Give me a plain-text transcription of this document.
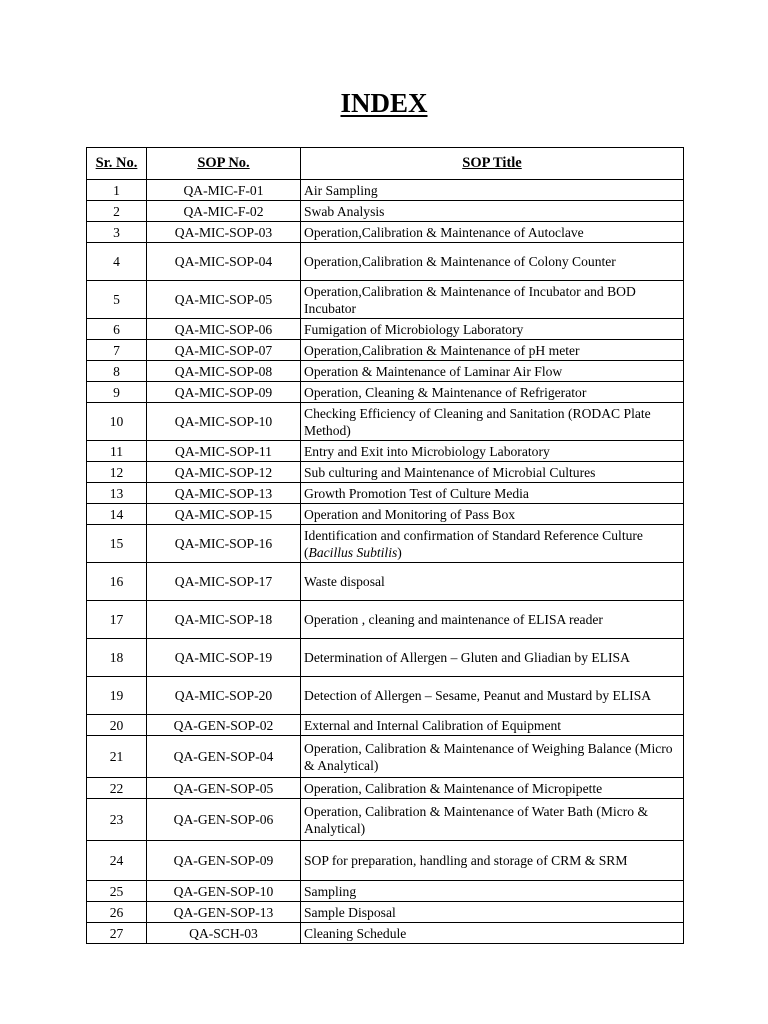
INDEX
Sr. No.	SOP No.	SOP Title
1	QA-MIC-F-01	Air Sampling
2	QA-MIC-F-02	Swab Analysis
3	QA-MIC-SOP-03	Operation,Calibration & Maintenance of Autoclave
4	QA-MIC-SOP-04	Operation,Calibration & Maintenance of Colony Counter
5	QA-MIC-SOP-05	Operation,Calibration & Maintenance of Incubator and BOD Incubator
6	QA-MIC-SOP-06	Fumigation of Microbiology Laboratory
7	QA-MIC-SOP-07	Operation,Calibration & Maintenance of pH meter
8	QA-MIC-SOP-08	Operation & Maintenance of Laminar Air Flow
9	QA-MIC-SOP-09	Operation, Cleaning & Maintenance of Refrigerator
10	QA-MIC-SOP-10	Checking Efficiency of Cleaning and Sanitation (RODAC Plate Method)
11	QA-MIC-SOP-11	Entry and Exit into Microbiology Laboratory
12	QA-MIC-SOP-12	Sub culturing and Maintenance of Microbial Cultures
13	QA-MIC-SOP-13	Growth Promotion Test of Culture Media
14	QA-MIC-SOP-15	Operation and Monitoring of Pass Box
15	QA-MIC-SOP-16	Identification and confirmation of Standard Reference Culture (Bacillus Subtilis)
16	QA-MIC-SOP-17	Waste disposal
17	QA-MIC-SOP-18	Operation , cleaning and maintenance of ELISA reader
18	QA-MIC-SOP-19	Determination of Allergen – Gluten and Gliadian by ELISA
19	QA-MIC-SOP-20	Detection of Allergen – Sesame, Peanut and Mustard by ELISA
20	QA-GEN-SOP-02	External and Internal Calibration of Equipment
21	QA-GEN-SOP-04	Operation, Calibration & Maintenance of Weighing Balance (Micro & Analytical)
22	QA-GEN-SOP-05	Operation, Calibration & Maintenance of Micropipette
23	QA-GEN-SOP-06	Operation, Calibration & Maintenance of Water Bath (Micro & Analytical)
24	QA-GEN-SOP-09	SOP for preparation, handling and storage of CRM & SRM
25	QA-GEN-SOP-10	Sampling
26	QA-GEN-SOP-13	Sample Disposal
27	QA-SCH-03	Cleaning Schedule
